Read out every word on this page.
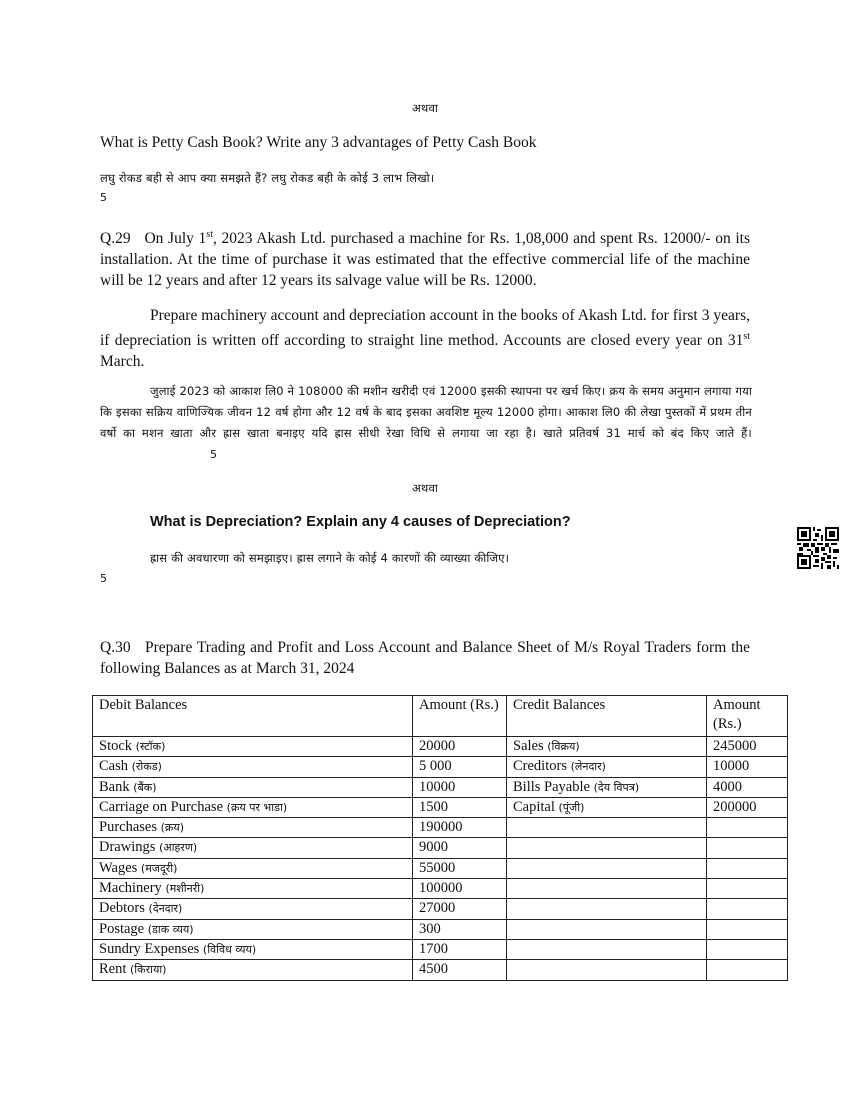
अथवा
What is Petty Cash Book? Write any 3 advantages of Petty Cash Book
लघु रोकड बही से आप क्या समझते हैं? लघु रोकड बही के कोई 3 लाभ लिखो।
5
Q.29 On July 1st, 2023 Akash Ltd. purchased a machine for Rs. 1,08,000 and spent Rs. 12000/- on its installation. At the time of purchase it was estimated that the effective commercial life of the machine will be 12 years and after 12 years its salvage value will be Rs. 12000.
Prepare machinery account and depreciation account in the books of Akash Ltd. for first 3 years, if depreciation is written off according to straight line method. Accounts are closed every year on 31st March.
जुलाई 2023 को आकाश लि0 ने 108000 की मशीन खरीदी एवं 12000 इसकी स्थापना पर खर्च किए। क्रय के समय अनुमान लगाया गया कि इसका सक्रिय वाणिज्यिक जीवन 12 वर्ष होगा और 12 वर्ष के बाद इसका अवशिष्ट मूल्य 12000 होगा। आकाश लि0 की लेखा पुस्तकों में प्रथम तीन वर्षो का मशन खाता और ह्रास खाता बनाइए यदि ह्रास सीधी रेखा विधि से लगाया जा रहा है। खाते प्रतिवर्ष 31 मार्च को बंद किए जाते हैं।5
अथवा
What is Depreciation? Explain any 4 causes of Depreciation?
ह्रास की अवधारणा को समझाइए। ह्रास लगाने के कोई 4 कारणों की व्याख्या कीजिए।
5
Q.30 Prepare Trading and Profit and Loss Account and Balance Sheet of M/s Royal Traders form the following Balances as at March 31, 2024
Debit Balances	Amount (Rs.)	Credit Balances	Amount (Rs.)
Stock (स्टॉक)	20000	Sales (विक्रय)	245000
Cash (रोकड)	5 000	Creditors (लेनदार)	10000
Bank (बैंक)	10000	Bills Payable (देय विपत्र)	4000
Carriage on Purchase (क्रय पर भाडा)	1500	Capital (पूंजी)	200000
Purchases (क्रय)	190000		
Drawings (आहरण)	9000		
Wages (मजदूरी)	55000		
Machinery (मशीनरी)	100000		
Debtors (देनदार)	27000		
Postage (डाक व्यय)	300		
Sundry Expenses (विविध व्यय)	1700		
Rent (किराया)	4500		
